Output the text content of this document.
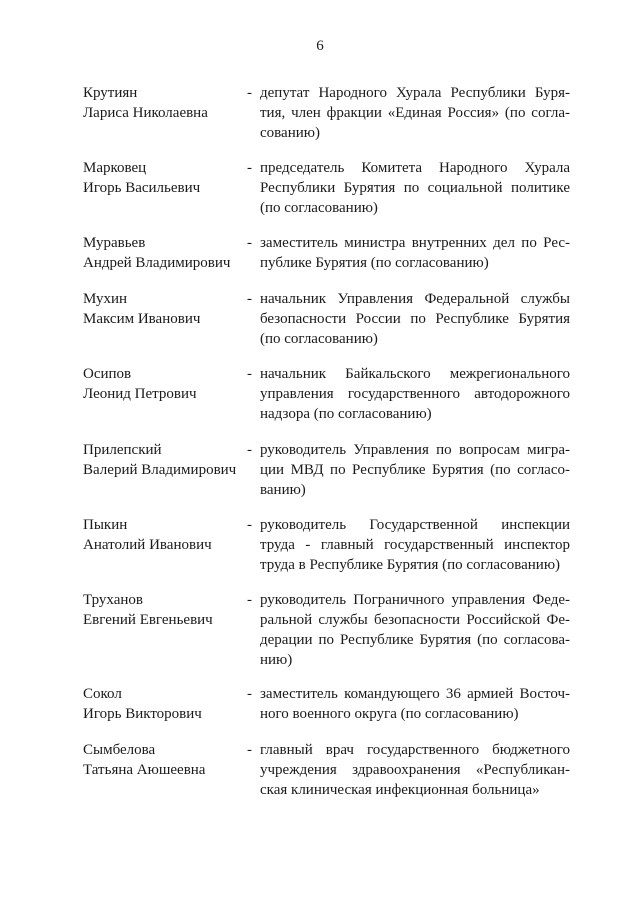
6
Крутиян
Лариса Николаевна
- депутат Народного Хурала Республики Буря-
тия, член фракции «Единая Россия» (по согла-
сованию)
Марковец
Игорь Васильевич
- председатель Комитета Народного Хурала
Республики Бурятия по социальной политике
(по согласованию)
Муравьев
Андрей Владимирович
- заместитель министра внутренних дел по Рес-
публике Бурятия (по согласованию)
Мухин
Максим Иванович
- начальник Управления Федеральной службы
безопасности России по Республике Бурятия
(по согласованию)
Осипов
Леонид Петрович
- начальник Байкальского межрегионального
управления государственного автодорожного
надзора (по согласованию)
Прилепский
Валерий Владимирович
- руководитель Управления по вопросам мигра-
ции МВД по Республике Бурятия (по согласо-
ванию)
Пыкин
Анатолий Иванович
- руководитель Государственной инспекции
труда - главный государственный инспектор
труда в Республике Бурятия (по согласованию)
Труханов
Евгений Евгеньевич
- руководитель Пограничного управления Феде-
ральной службы безопасности Российской Фе-
дерации по Республике Бурятия (по согласова-
нию)
Сокол
Игорь Викторович
- заместитель командующего 36 армией Восточ-
ного военного округа (по согласованию)
Сымбелова
Татьяна Аюшеевна
- главный врач государственного бюджетного
учреждения здравоохранения «Республикан-
ская клиническая инфекционная больница»
